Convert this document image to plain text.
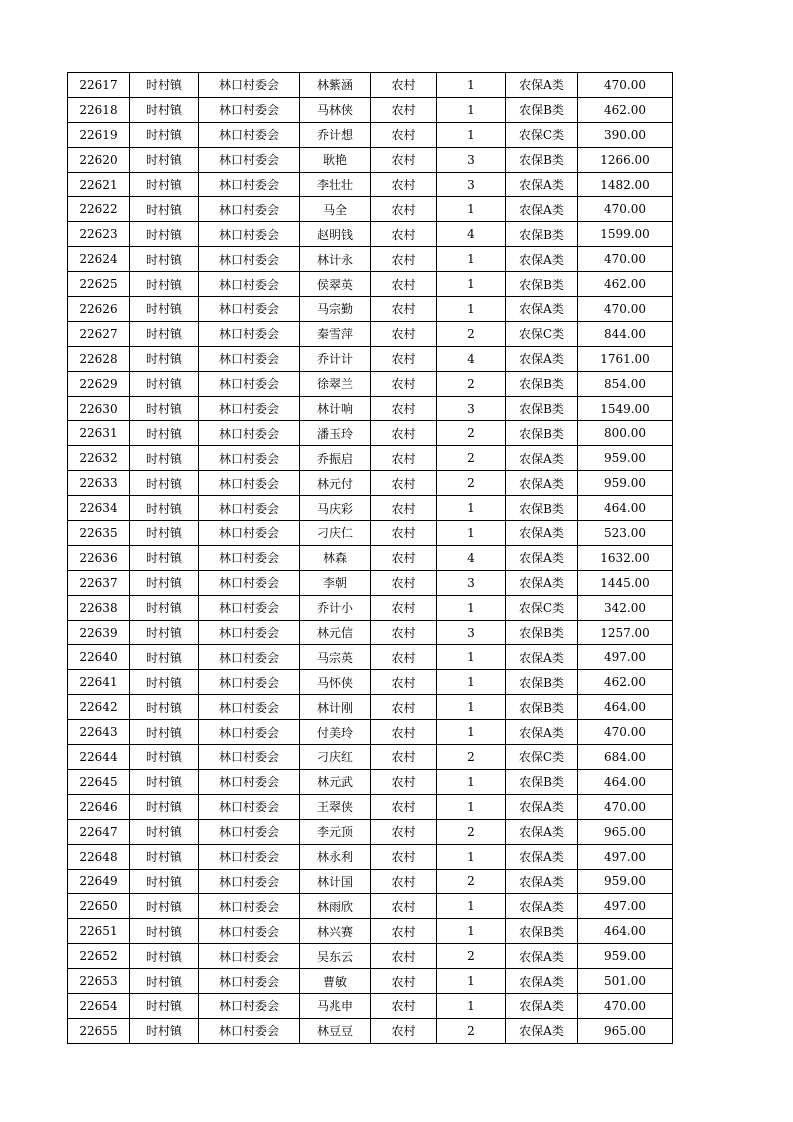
22617	时村镇	林口村委会	林紫涵	农村	1	农保A类	470.00
22618	时村镇	林口村委会	马林侠	农村	1	农保B类	462.00
22619	时村镇	林口村委会	乔计想	农村	1	农保C类	390.00
22620	时村镇	林口村委会	耿艳	农村	3	农保B类	1266.00
22621	时村镇	林口村委会	李壮壮	农村	3	农保A类	1482.00
22622	时村镇	林口村委会	马全	农村	1	农保A类	470.00
22623	时村镇	林口村委会	赵明钱	农村	4	农保B类	1599.00
22624	时村镇	林口村委会	林计永	农村	1	农保A类	470.00
22625	时村镇	林口村委会	侯翠英	农村	1	农保B类	462.00
22626	时村镇	林口村委会	马宗勤	农村	1	农保A类	470.00
22627	时村镇	林口村委会	秦雪萍	农村	2	农保C类	844.00
22628	时村镇	林口村委会	乔计计	农村	4	农保A类	1761.00
22629	时村镇	林口村委会	徐翠兰	农村	2	农保B类	854.00
22630	时村镇	林口村委会	林计响	农村	3	农保B类	1549.00
22631	时村镇	林口村委会	潘玉玲	农村	2	农保B类	800.00
22632	时村镇	林口村委会	乔振启	农村	2	农保A类	959.00
22633	时村镇	林口村委会	林元付	农村	2	农保A类	959.00
22634	时村镇	林口村委会	马庆彩	农村	1	农保B类	464.00
22635	时村镇	林口村委会	刁庆仁	农村	1	农保A类	523.00
22636	时村镇	林口村委会	林森	农村	4	农保A类	1632.00
22637	时村镇	林口村委会	李朝	农村	3	农保A类	1445.00
22638	时村镇	林口村委会	乔计小	农村	1	农保C类	342.00
22639	时村镇	林口村委会	林元信	农村	3	农保B类	1257.00
22640	时村镇	林口村委会	马宗英	农村	1	农保A类	497.00
22641	时村镇	林口村委会	马怀侠	农村	1	农保B类	462.00
22642	时村镇	林口村委会	林计刚	农村	1	农保B类	464.00
22643	时村镇	林口村委会	付美玲	农村	1	农保A类	470.00
22644	时村镇	林口村委会	刁庆红	农村	2	农保C类	684.00
22645	时村镇	林口村委会	林元武	农村	1	农保B类	464.00
22646	时村镇	林口村委会	王翠侠	农村	1	农保A类	470.00
22647	时村镇	林口村委会	李元顶	农村	2	农保A类	965.00
22648	时村镇	林口村委会	林永利	农村	1	农保A类	497.00
22649	时村镇	林口村委会	林计国	农村	2	农保A类	959.00
22650	时村镇	林口村委会	林雨欣	农村	1	农保A类	497.00
22651	时村镇	林口村委会	林兴赛	农村	1	农保B类	464.00
22652	时村镇	林口村委会	吴东云	农村	2	农保A类	959.00
22653	时村镇	林口村委会	曹敏	农村	1	农保A类	501.00
22654	时村镇	林口村委会	马兆申	农村	1	农保A类	470.00
22655	时村镇	林口村委会	林豆豆	农村	2	农保A类	965.00
